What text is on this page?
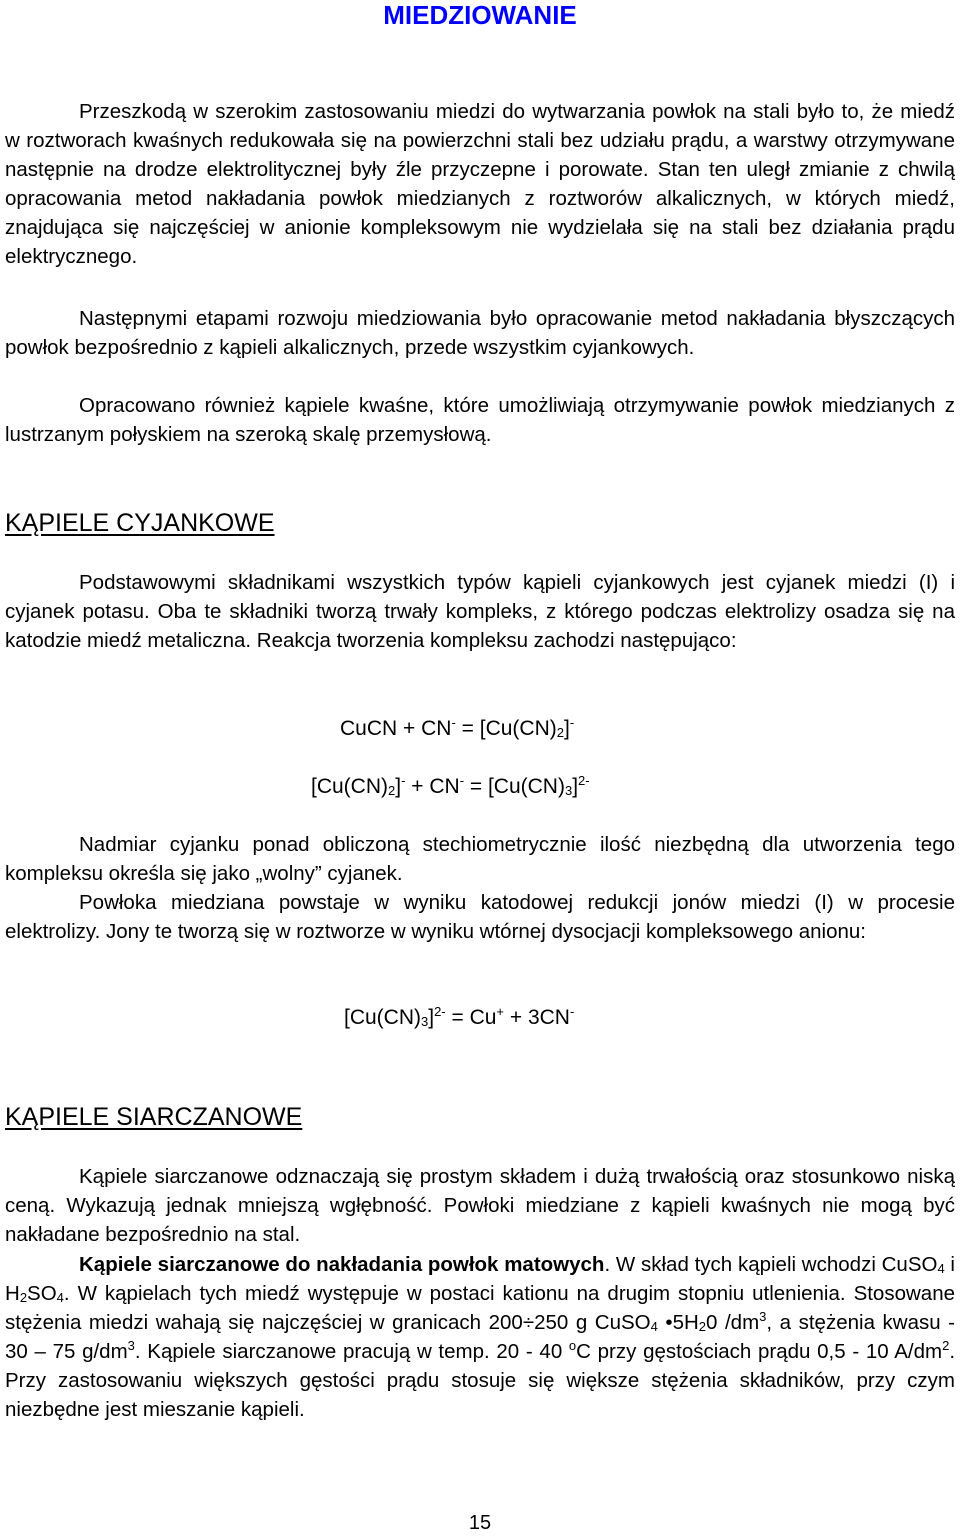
MIEDZIOWANIE
Przeszkodą w szerokim zastosowaniu miedzi do wytwarzania powłok na stali było to, że miedź w roztworach kwaśnych redukowała się na powierzchni stali bez udziału prądu, a warstwy otrzymywane następnie na drodze elektrolitycznej były źle przyczepne i porowate. Stan ten uległ zmianie z chwilą opracowania metod nakładania powłok miedzianych z roztworów alkalicznych, w których miedź, znajdująca się najczęściej w anionie kompleksowym nie wydzielała się na stali bez działania prądu elektrycznego.
Następnymi etapami rozwoju miedziowania było opracowanie metod nakładania błyszczących powłok bezpośrednio z kąpieli alkalicznych, przede wszystkim cyjankowych.
Opracowano również kąpiele kwaśne, które umożliwiają otrzymywanie powłok miedzianych z lustrzanym połyskiem na szeroką skalę przemysłową.
KĄPIELE CYJANKOWE
Podstawowymi składnikami wszystkich typów kąpieli cyjankowych jest cyjanek miedzi (I) i cyjanek potasu. Oba te składniki tworzą trwały kompleks, z którego podczas elektrolizy osadza się na katodzie miedź metaliczna. Reakcja tworzenia kompleksu zachodzi następująco:
CuCN + $CN^- = [Cu(CN)_2]^-$
$[Cu(CN)_2]^- + CN^- = [Cu(CN)_3]^{2-}$
Nadmiar cyjanku ponad obliczoną stechiometrycznie ilość niezbędną dla utworzenia tego kompleksu określa się jako „wolny” cyjanek.
Powłoka miedziana powstaje w wyniku katodowej redukcji jonów miedzi (I) w procesie elektrolizy. Jony te tworzą się w roztworze w wyniku wtórnej dysocjacji kompleksowego anionu:
$[Cu(CN)_3]^{2-} = Cu^+ + 3CN^-$
KĄPIELE SIARCZANOWE
Kąpiele siarczanowe odznaczają się prostym składem i dużą trwałością oraz stosunkowo niską ceną. Wykazują jednak mniejszą wgłębność. Powłoki miedziane z kąpieli kwaśnych nie mogą być nakładane bezpośrednio na stal.
Kąpiele siarczanowe do nakładania powłok matowych. W skład tych kąpieli wchodzi CuSO$_4$ i $H_2SO_4$. W kąpielach tych miedź występuje w postaci kationu na drugim stopniu utlenienia. Stosowane stężenia miedzi wahają się najczęściej w granicach 200÷250 g CuSO$_4$ $•5H_20$ $/dm^3$, a stężenia kwasu - 30 – 75 $g/dm^3$. Kąpiele siarczanowe pracują w temp. 20 - 40 $^o$C przy gęstościach prądu 0,5 - 10 $A/dm^2$. Przy zastosowaniu większych gęstości prądu stosuje się większe stężenia składników, przy czym niezbędne jest mieszanie kąpieli.
15
